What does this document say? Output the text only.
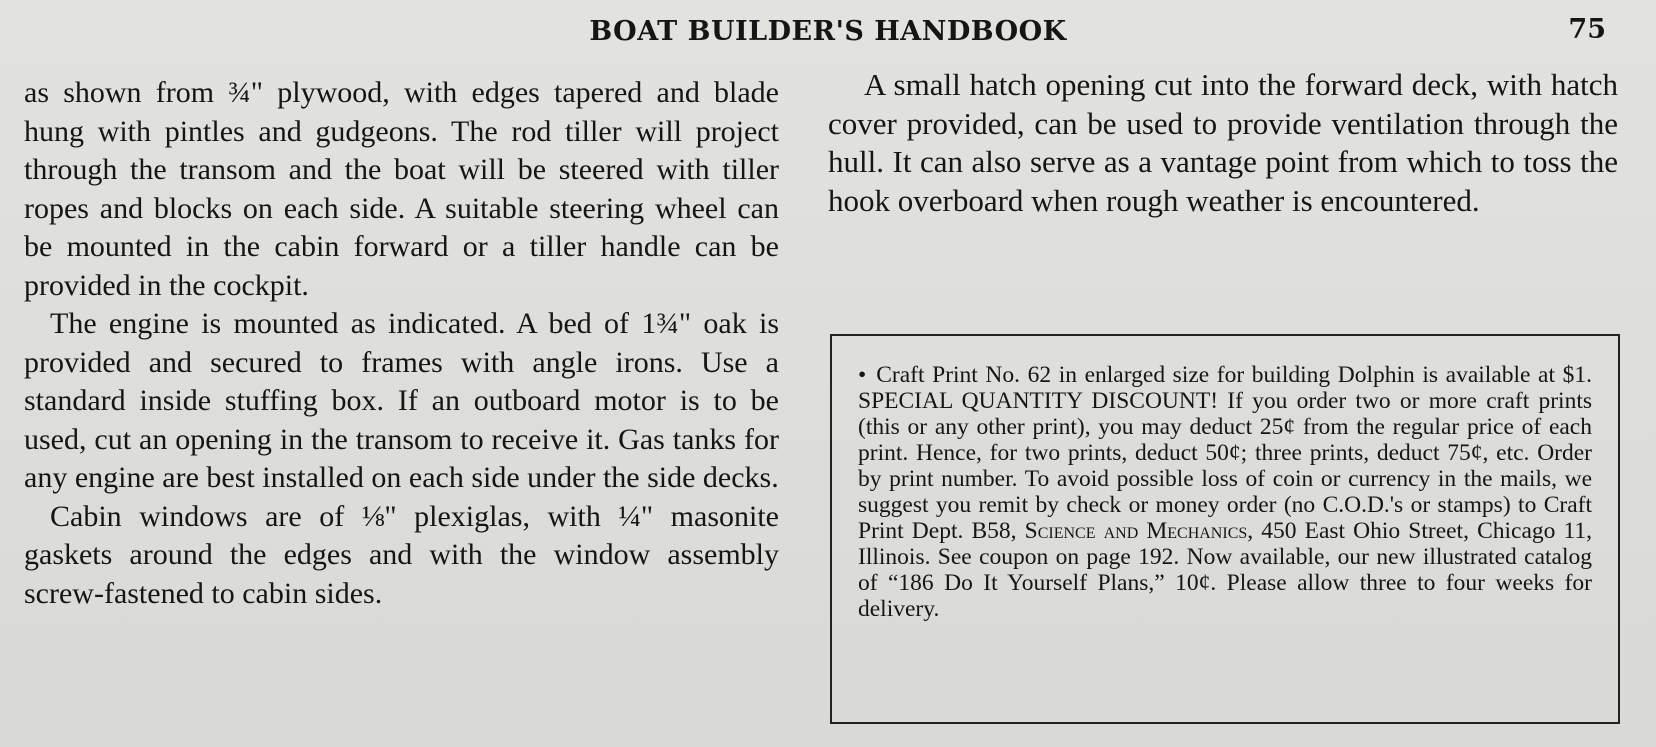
BOAT BUILDER'S HANDBOOK	75

as shown from ¾" plywood, with edges tapered and blade hung with pintles and gudgeons. The rod tiller will project through the transom and the boat will be steered with tiller ropes and blocks on each side. A suitable steering wheel can be mounted in the cabin forward or a tiller handle can be provided in the cockpit.

The engine is mounted as indicated. A bed of 1¾" oak is provided and secured to frames with angle irons. Use a standard inside stuffing box. If an outboard motor is to be used, cut an opening in the transom to receive it. Gas tanks for any engine are best installed on each side under the side decks.

Cabin windows are of ⅛" plexiglas, with ¼" masonite gaskets around the edges and with the window assembly screw-fastened to cabin sides.

A small hatch opening cut into the forward deck, with hatch cover provided, can be used to provide ventilation through the hull. It can also serve as a vantage point from which to toss the hook overboard when rough weather is encountered.

• Craft Print No. 62 in enlarged size for building Dolphin is available at $1. SPECIAL QUANTITY DISCOUNT! If you order two or more craft prints (this or any other print), you may deduct 25¢ from the regular price of each print. Hence, for two prints, deduct 50¢; three prints, deduct 75¢, etc. Order by print number. To avoid possible loss of coin or currency in the mails, we suggest you remit by check or money order (no C.O.D.'s or stamps) to Craft Print Dept. B58, Science and Mechanics, 450 East Ohio Street, Chicago 11, Illinois. See coupon on page 192. Now available, our new illustrated catalog of “186 Do It Yourself Plans,” 10¢. Please allow three to four weeks for delivery.
